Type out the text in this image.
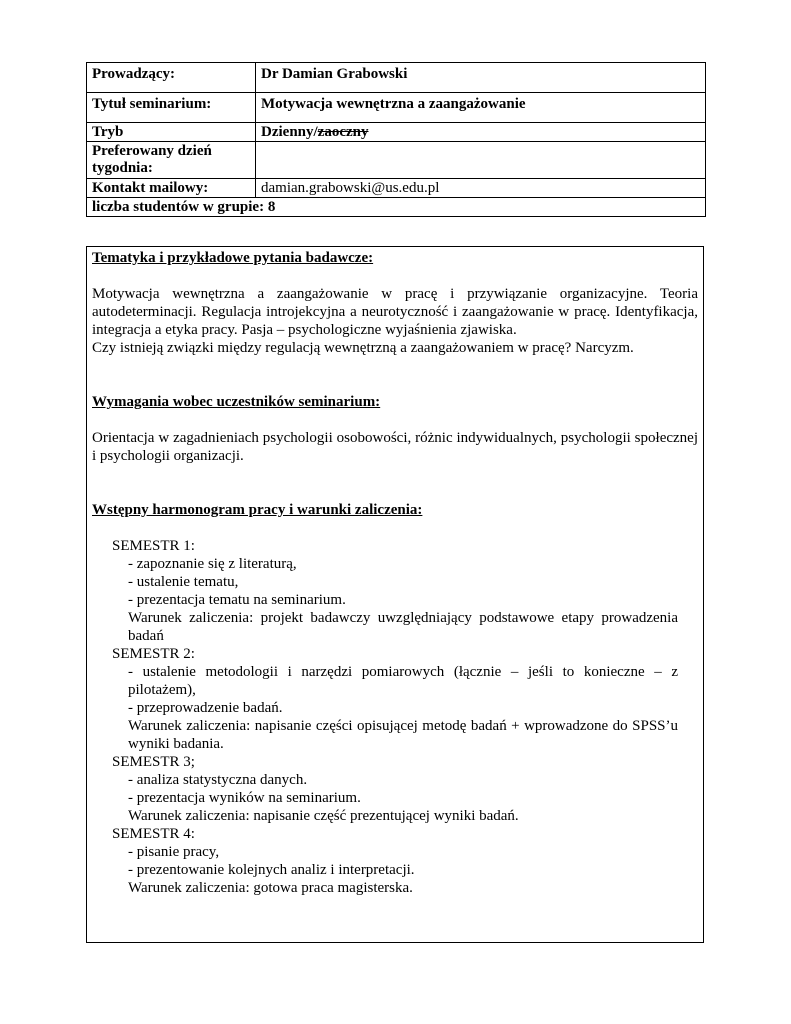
Prowadzący:	Dr Damian Grabowski
Tytuł seminarium:	Motywacja wewnętrzna a zaangażowanie
Tryb	Dzienny/zaoczny
Preferowany dzień tygodnia:	
Kontakt mailowy:	damian.grabowski@us.edu.pl
liczba studentów w grupie: 8	

Tematyka i przykładowe pytania badawcze:

Motywacja wewnętrzna a zaangażowanie w pracę i przywiązanie organizacyjne. Teoria autodeterminacji. Regulacja introjekcyjna a neurotyczność i zaangażowanie w pracę. Identyfikacja, integracja a etyka pracy. Pasja – psychologiczne wyjaśnienia zjawiska.

Czy istnieją związki między regulacją wewnętrzną a zaangażowaniem w pracę? Narcyzm.

Wymagania wobec uczestników seminarium:

Orientacja w zagadnieniach psychologii osobowości, różnic indywidualnych, psychologii społecznej i psychologii organizacji.

Wstępny harmonogram pracy i warunki zaliczenia:

SEMESTR 1:

- zapoznanie się z literaturą,

- ustalenie tematu,

- prezentacja tematu na seminarium.

Warunek zaliczenia: projekt badawczy uwzględniający podstawowe etapy prowadzenia badań

SEMESTR 2:

- ustalenie metodologii i narzędzi pomiarowych (łącznie – jeśli to konieczne – z pilotażem),

- przeprowadzenie badań.

Warunek zaliczenia: napisanie części opisującej metodę badań + wprowadzone do SPSS’u wyniki badania.

SEMESTR 3;

- analiza statystyczna danych.

- prezentacja wyników na seminarium.

Warunek zaliczenia: napisanie część prezentującej wyniki badań.

SEMESTR 4:

- pisanie pracy,

- prezentowanie kolejnych analiz i interpretacji.

Warunek zaliczenia: gotowa praca magisterska.
